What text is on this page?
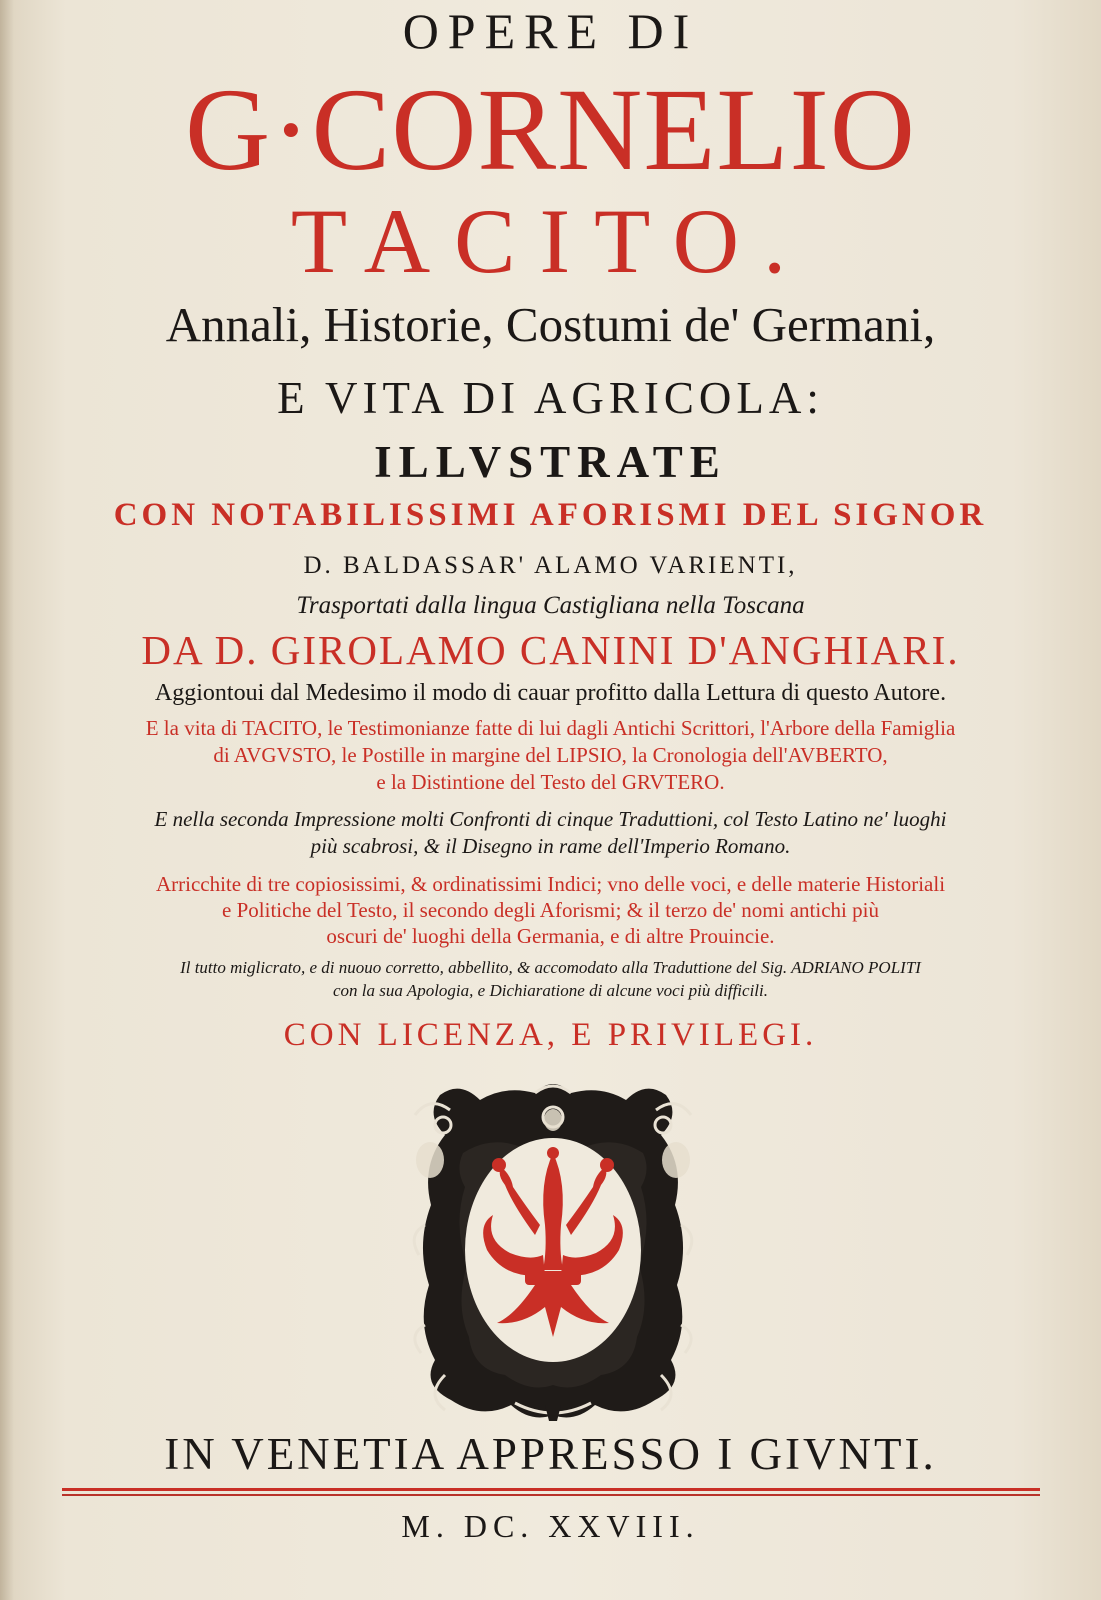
OPERE DI
G·CORNELIO
TACITO.
Annali, Historie, Costumi de' Germani,
E VITA DI AGRICOLA:
ILLVSTRATE
CON NOTABILISSIMI AFORISMI DEL SIGNOR
D. BALDASSAR' ALAMO VARIENTI,
Trasportati dalla lingua Castigliana nella Toscana
DA D. GIROLAMO CANINI D'ANGHIARI.
Aggiontoui dal Medesimo il modo di cauar profitto dalla Lettura di questo Autore.
E la vita di TACITO, le Testimonianze fatte di lui dagli Antichi Scrittori, l'Arbore della Famiglia
di AVGVSTO, le Postille in margine del LIPSIO, la Cronologia dell'AVBERTO,
e la Distintione del Testo del GRVTERO.
E nella seconda Impressione molti Confronti di cinque Traduttioni, col Testo Latino ne' luoghi
più scabrosi, & il Disegno in rame dell'Imperio Romano.
Arricchite di tre copiosissimi, & ordinatissimi Indici; vno delle voci, e delle materie Historiali
e Politiche del Testo, il secondo degli Aforismi; & il terzo de' nomi antichi più
oscuri de' luoghi della Germania, e di altre Prouincie.
Il tutto miglicrato, e di nuouo corretto, abbellito, & accomodato alla Traduttione del Sig. ADRIANO POLITI
con la sua Apologia, e Dichiaratione di alcune voci più difficili.
CON LICENZA, E PRIVILEGI.
IN VENETIA APPRESSO I GIVNTI.
M. DC. XXVIII.
